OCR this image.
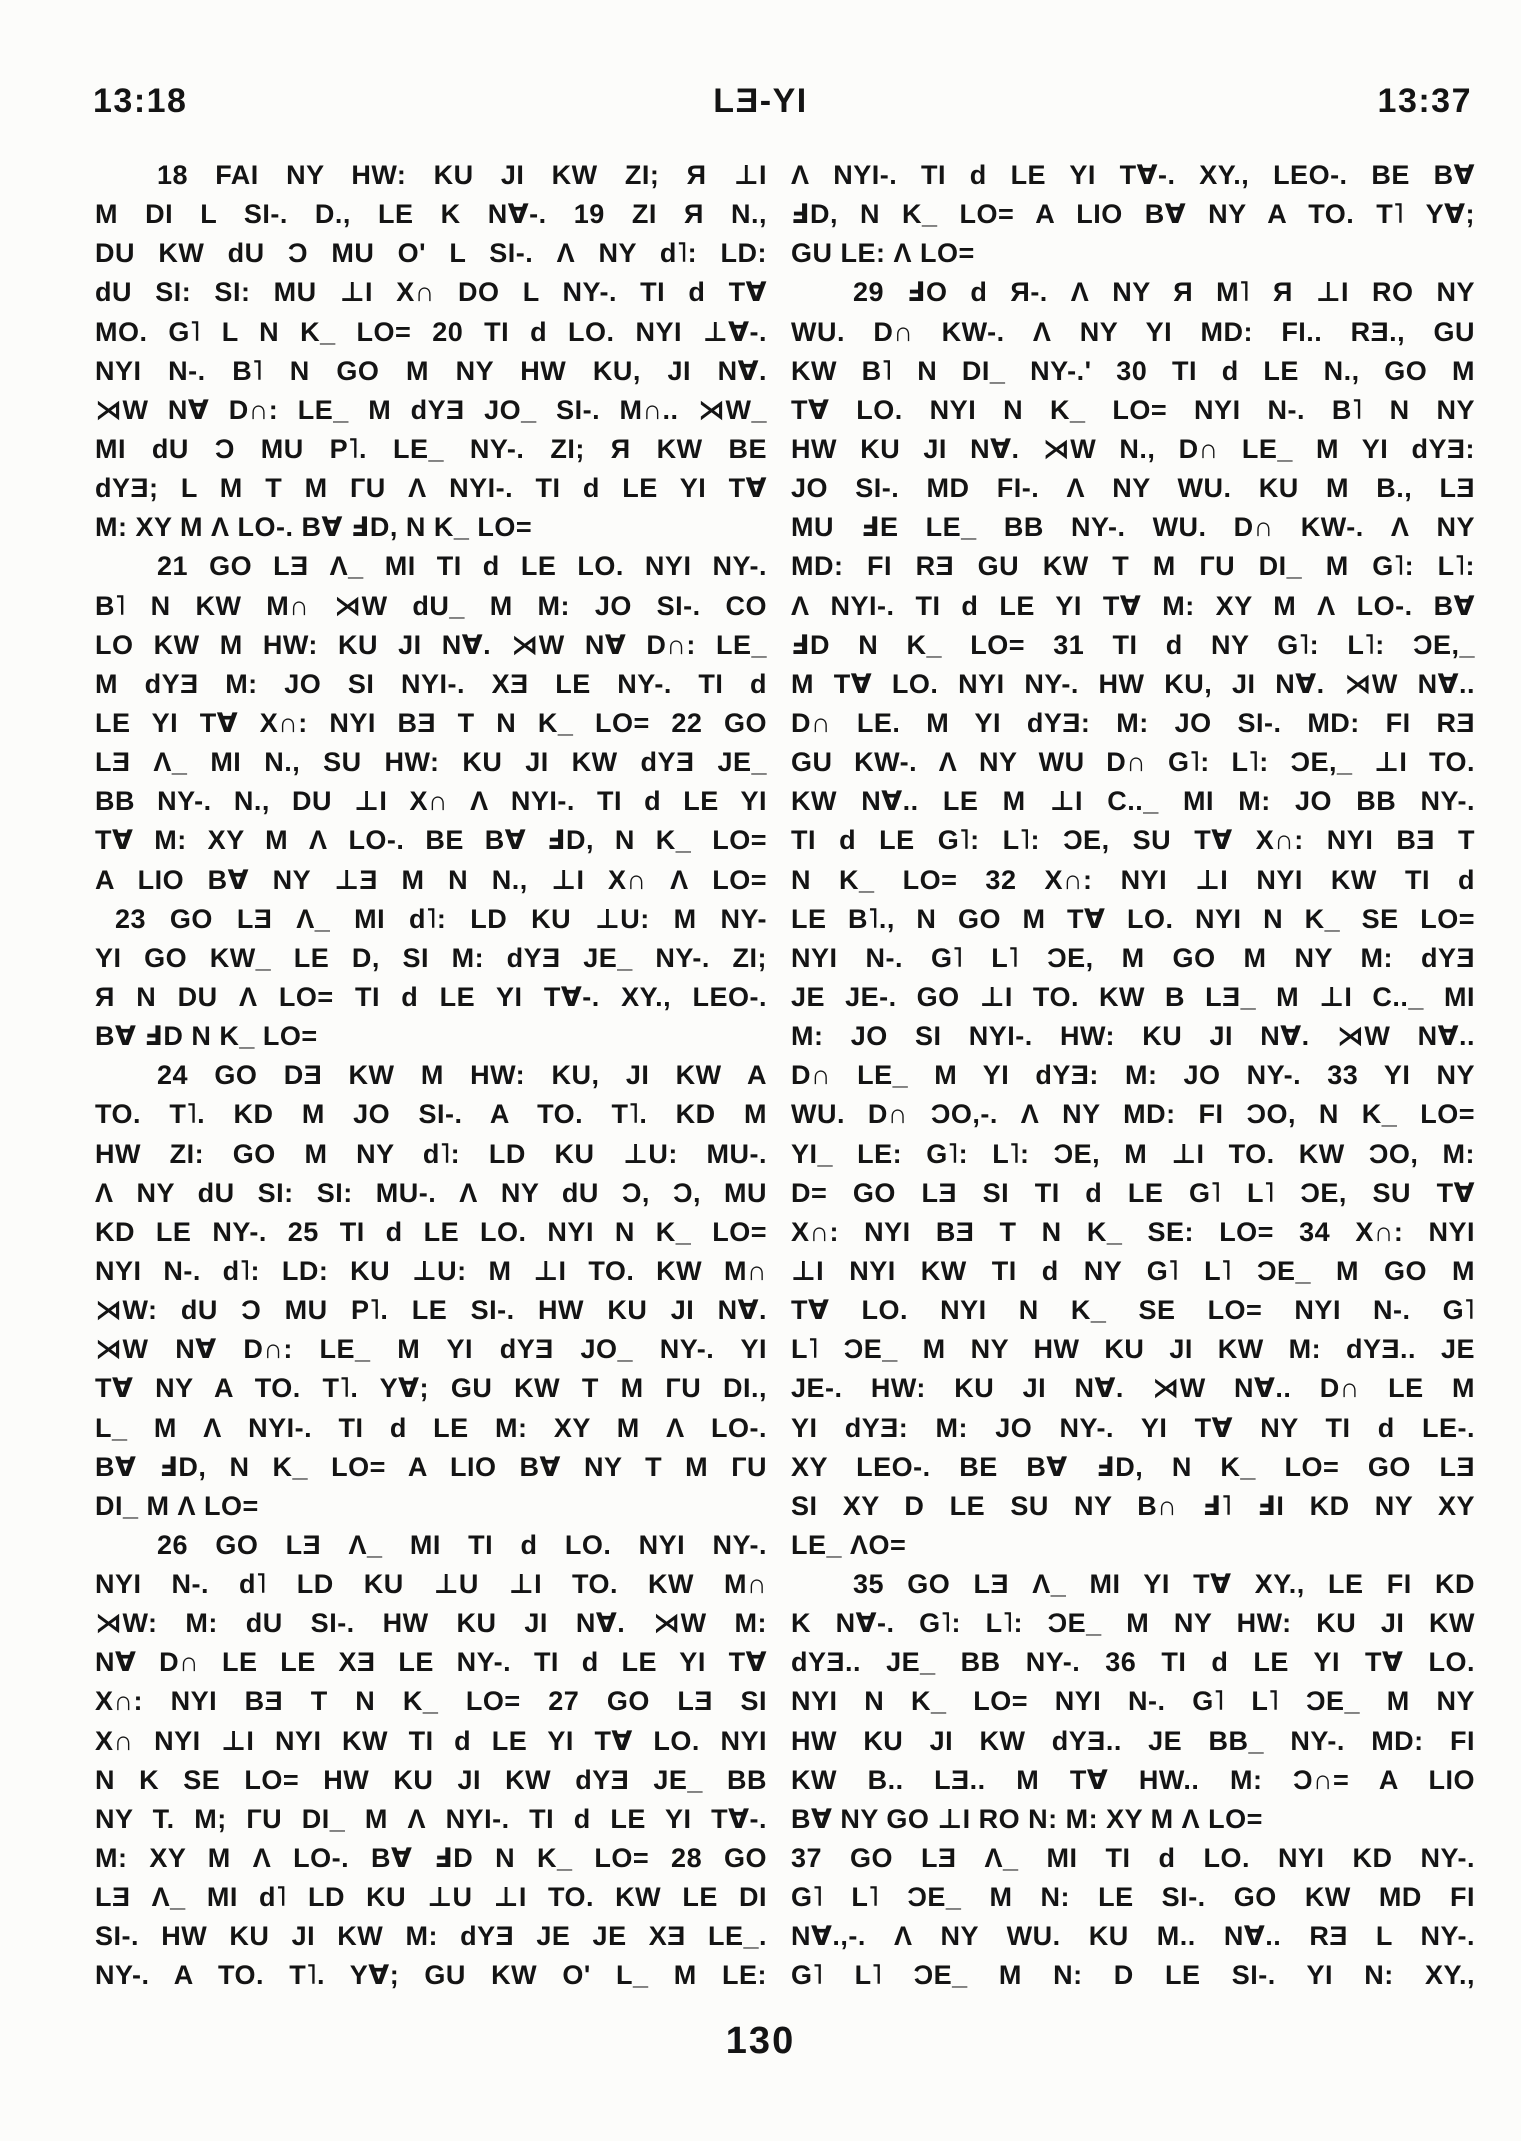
13:18	LƎ-YI	13:37
18 FAI NY HW: KU JI KW ZI; Я ⊥I
M DI L SI-. D., LE K N∀-. 19 ZI Я N.,
DU KW dU Ɔ MU O' L SI-. Λ NY d˥: LD:
dU SI: SI: MU ⊥I X∩ DO L NY-. TI d T∀
MO. G˥ L N K_ LO= 20 TI d LO. NYI ⊥∀-.
NYI N-. B˥ N GO M NY HW KU, JI N∀.
⋊W N∀ D∩: LE_ M dYƎ JO_ SI-. M∩.. ⋊W_
MI dU Ɔ MU P˥. LE_ NY-. ZI; Я KW BE
dYƎ; L M T M ГU Λ NYI-. TI d LE YI T∀
M: XY M Λ LO-. B∀ ℲD, N K_ LO=
21 GO LƎ Λ_ MI TI d LE LO. NYI NY-.
B˥ N KW M∩ ⋊W dU_ M M: JO SI-. CO
LO KW M HW: KU JI N∀. ⋊W N∀ D∩: LE_
M dYƎ M: JO SI NYI-. XƎ LE NY-. TI d
LE YI T∀ X∩: NYI BƎ T N K_ LO= 22 GO
LƎ Λ_ MI N., SU HW: KU JI KW dYƎ JE_
BB NY-. N., DU ⊥I X∩ Λ NYI-. TI d LE YI
T∀ M: XY M Λ LO-. BE B∀ ℲD, N K_ LO=
A LIO B∀ NY ⊥Ǝ M N N., ⊥I X∩ Λ LO=
23 GO LƎ Λ_ MI d˥: LD KU ⊥U: M NY-
YI GO KW_ LE D, SI M: dYƎ JE_ NY-. ZI;
Я N DU Λ LO= TI d LE YI T∀-. XY., LEO-.
B∀ ℲD N K_ LO=
24 GO DƎ KW M HW: KU, JI KW A
TO. T˥. KD M JO SI-. A TO. T˥. KD M
HW ZI: GO M NY d˥: LD KU ⊥U: MU-.
Λ NY dU SI: SI: MU-. Λ NY dU Ɔ, Ɔ, MU
KD LE NY-. 25 TI d LE LO. NYI N K_ LO=
NYI N-. d˥: LD: KU ⊥U: M ⊥I TO. KW M∩
⋊W: dU Ɔ MU P˥. LE SI-. HW KU JI N∀.
⋊W N∀ D∩: LE_ M YI dYƎ JO_ NY-. YI
T∀ NY A TO. T˥. Y∀; GU KW T M ГU DI.,
L_ M Λ NYI-. TI d LE M: XY M Λ LO-.
B∀ ℲD, N K_ LO= A LIO B∀ NY T M ГU
DI_ M Λ LO=
26 GO LƎ Λ_ MI TI d LO. NYI NY-.
NYI N-. d˥ LD KU ⊥U ⊥I TO. KW M∩
⋊W: M: dU SI-. HW KU JI N∀. ⋊W M:
N∀ D∩ LE LE XƎ LE NY-. TI d LE YI T∀
X∩: NYI BƎ T N K_ LO= 27 GO LƎ SI
X∩ NYI ⊥I NYI KW TI d LE YI T∀ LO. NYI
N K SE LO= HW KU JI KW dYƎ JE_ BB
NY T. M; ГU DI_ M Λ NYI-. TI d LE YI T∀-.
M: XY M Λ LO-. B∀ ℲD N K_ LO= 28 GO
LƎ Λ_ MI d˥ LD KU ⊥U ⊥I TO. KW LE DI
SI-. HW KU JI KW M: dYƎ JE JE XƎ LE_.
NY-. A TO. T˥. Y∀; GU KW O' L_ M LE:
Λ NYI-. TI d LE YI T∀-. XY., LEO-. BE B∀
ℲD, N K_ LO= A LIO B∀ NY A TO. T˥ Y∀;
GU LE: Λ LO=
29 ℲO d Я-. Λ NY Я M˥ Я ⊥I RO NY
WU. D∩ KW-. Λ NY YI MD: FI.. RƎ., GU
KW B˥ N DI_ NY-.' 30 TI d LE N., GO M
T∀ LO. NYI N K_ LO= NYI N-. B˥ N NY
HW KU JI N∀. ⋊W N., D∩ LE_ M YI dYƎ:
JO SI-. MD FI-. Λ NY WU. KU M B., LƎ
MU ℲE LE_ BB NY-. WU. D∩ KW-. Λ NY
MD: FI RƎ GU KW T M ГU DI_ M G˥: L˥:
Λ NYI-. TI d LE YI T∀ M: XY M Λ LO-. B∀
ℲD N K_ LO= 31 TI d NY G˥: L˥: ƆE,_
M T∀ LO. NYI NY-. HW KU, JI N∀. ⋊W N∀..
D∩ LE. M YI dYƎ: M: JO SI-. MD: FI RƎ
GU KW-. Λ NY WU D∩ G˥: L˥: ƆE,_ ⊥I TO.
KW N∀.. LE M ⊥I C.._ MI M: JO BB NY-.
TI d LE G˥: L˥: ƆE, SU T∀ X∩: NYI BƎ T
N K_ LO= 32 X∩: NYI ⊥I NYI KW TI d
LE B˥., N GO M T∀ LO. NYI N K_ SE LO=
NYI N-. G˥ L˥ ƆE, M GO M NY M: dYƎ
JE JE-. GO ⊥I TO. KW B LƎ_ M ⊥I C.._ MI
M: JO SI NYI-. HW: KU JI N∀. ⋊W N∀..
D∩ LE_ M YI dYƎ: M: JO NY-. 33 YI NY
WU. D∩ ƆO,-. Λ NY MD: FI ƆO, N K_ LO=
YI_ LE: G˥: L˥: ƆE, M ⊥I TO. KW ƆO, M:
D= GO LƎ SI TI d LE G˥ L˥ ƆE, SU T∀
X∩: NYI BƎ T N K_ SE: LO= 34 X∩: NYI
⊥I NYI KW TI d NY G˥ L˥ ƆE_ M GO M
T∀ LO. NYI N K_ SE LO= NYI N-. G˥
L˥ ƆE_ M NY HW KU JI KW M: dYƎ.. JE
JE-. HW: KU JI N∀. ⋊W N∀.. D∩ LE M
YI dYƎ: M: JO NY-. YI T∀ NY TI d LE-.
XY LEO-. BE B∀ ℲD, N K_ LO= GO LƎ
SI XY D LE SU NY B∩ Ⅎ˥ ℲI KD NY XY
LE_ ΛO=
35 GO LƎ Λ_ MI YI T∀ XY., LE FI KD
K N∀-. G˥: L˥: ƆE_ M NY HW: KU JI KW
dYƎ.. JE_ BB NY-. 36 TI d LE YI T∀ LO.
NYI N K_ LO= NYI N-. G˥ L˥ ƆE_ M NY
HW KU JI KW dYƎ.. JE BB_ NY-. MD: FI
KW B.. LƎ.. M T∀ HW.. M: Ɔ∩= A LIO
B∀ NY GO ⊥I RO N: M: XY M Λ LO=
37 GO LƎ Λ_ MI TI d LO. NYI KD NY-.
G˥ L˥ ƆE_ M N: LE SI-. GO KW MD FI
N∀.,-. Λ NY WU. KU M.. N∀.. RƎ L NY-.
G˥ L˥ ƆE_ M N: D LE SI-. YI N: XY.,
130
